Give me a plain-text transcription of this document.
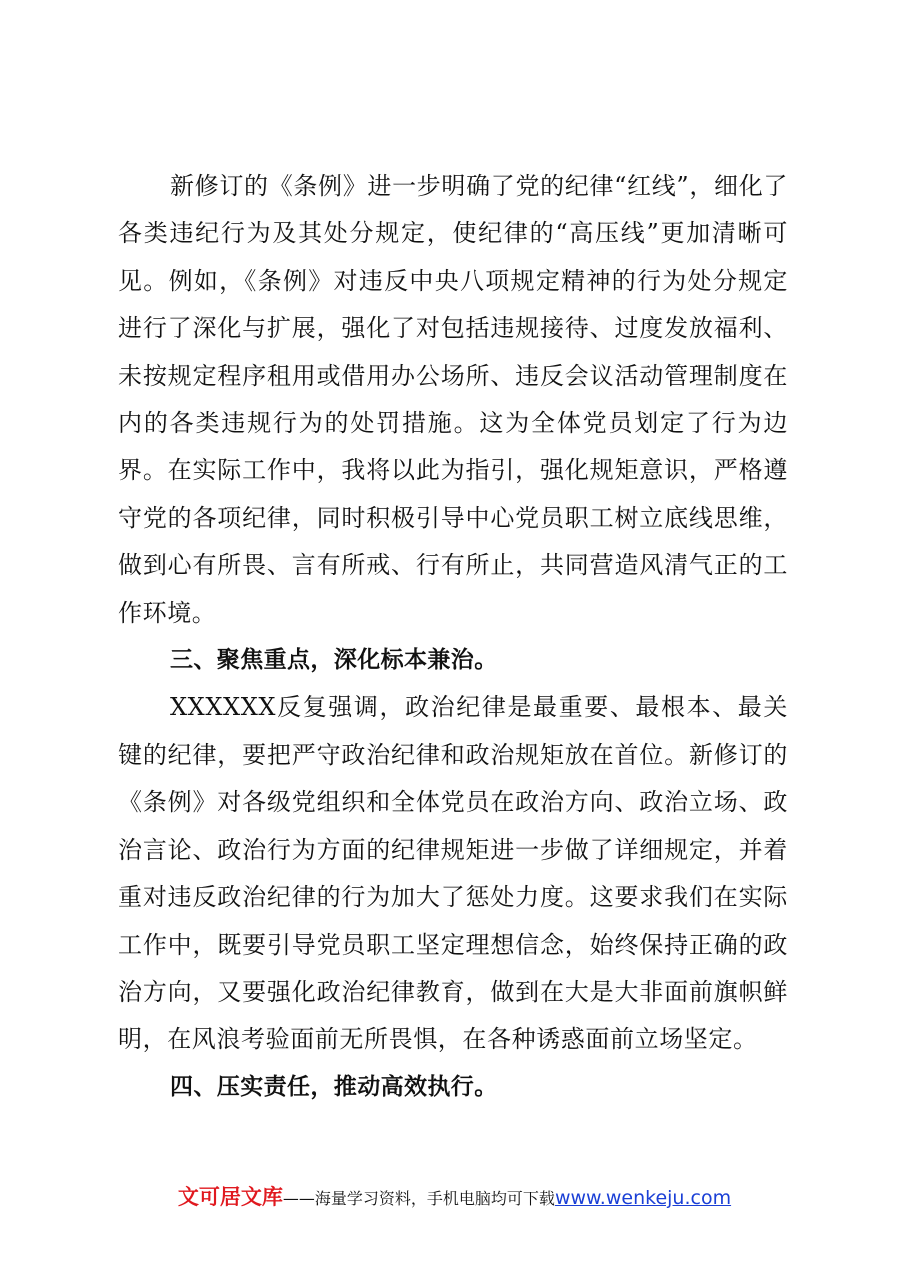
新修订的《条例》进一步明确了党的纪律“红线”，细化了各类违纪行为及其处分规定，使纪律的“高压线”更加清晰可见。例如，《条例》对违反中央八项规定精神的行为处分规定进行了深化与扩展，强化了对包括违规接待、过度发放福利、未按规定程序租用或借用办公场所、违反会议活动管理制度在内的各类违规行为的处罚措施。这为全体党员划定了行为边界。在实际工作中，我将以此为指引，强化规矩意识，严格遵守党的各项纪律，同时积极引导中心党员职工树立底线思维，做到心有所畏、言有所戒、行有所止，共同营造风清气正的工作环境。

三、聚焦重点，深化标本兼治。

XXXXXX反复强调，政治纪律是最重要、最根本、最关键的纪律，要把严守政治纪律和政治规矩放在首位。新修订的《条例》对各级党组织和全体党员在政治方向、政治立场、政治言论、政治行为方面的纪律规矩进一步做了详细规定，并着重对违反政治纪律的行为加大了惩处力度。这要求我们在实际工作中，既要引导党员职工坚定理想信念，始终保持正确的政治方向，又要强化政治纪律教育，做到在大是大非面前旗帜鲜明，在风浪考验面前无所畏惧，在各种诱惑面前立场坚定。

四、压实责任，推动高效执行。

文可居文库——海量学习资料，手机电脑均可下载www.wenkeju.com
